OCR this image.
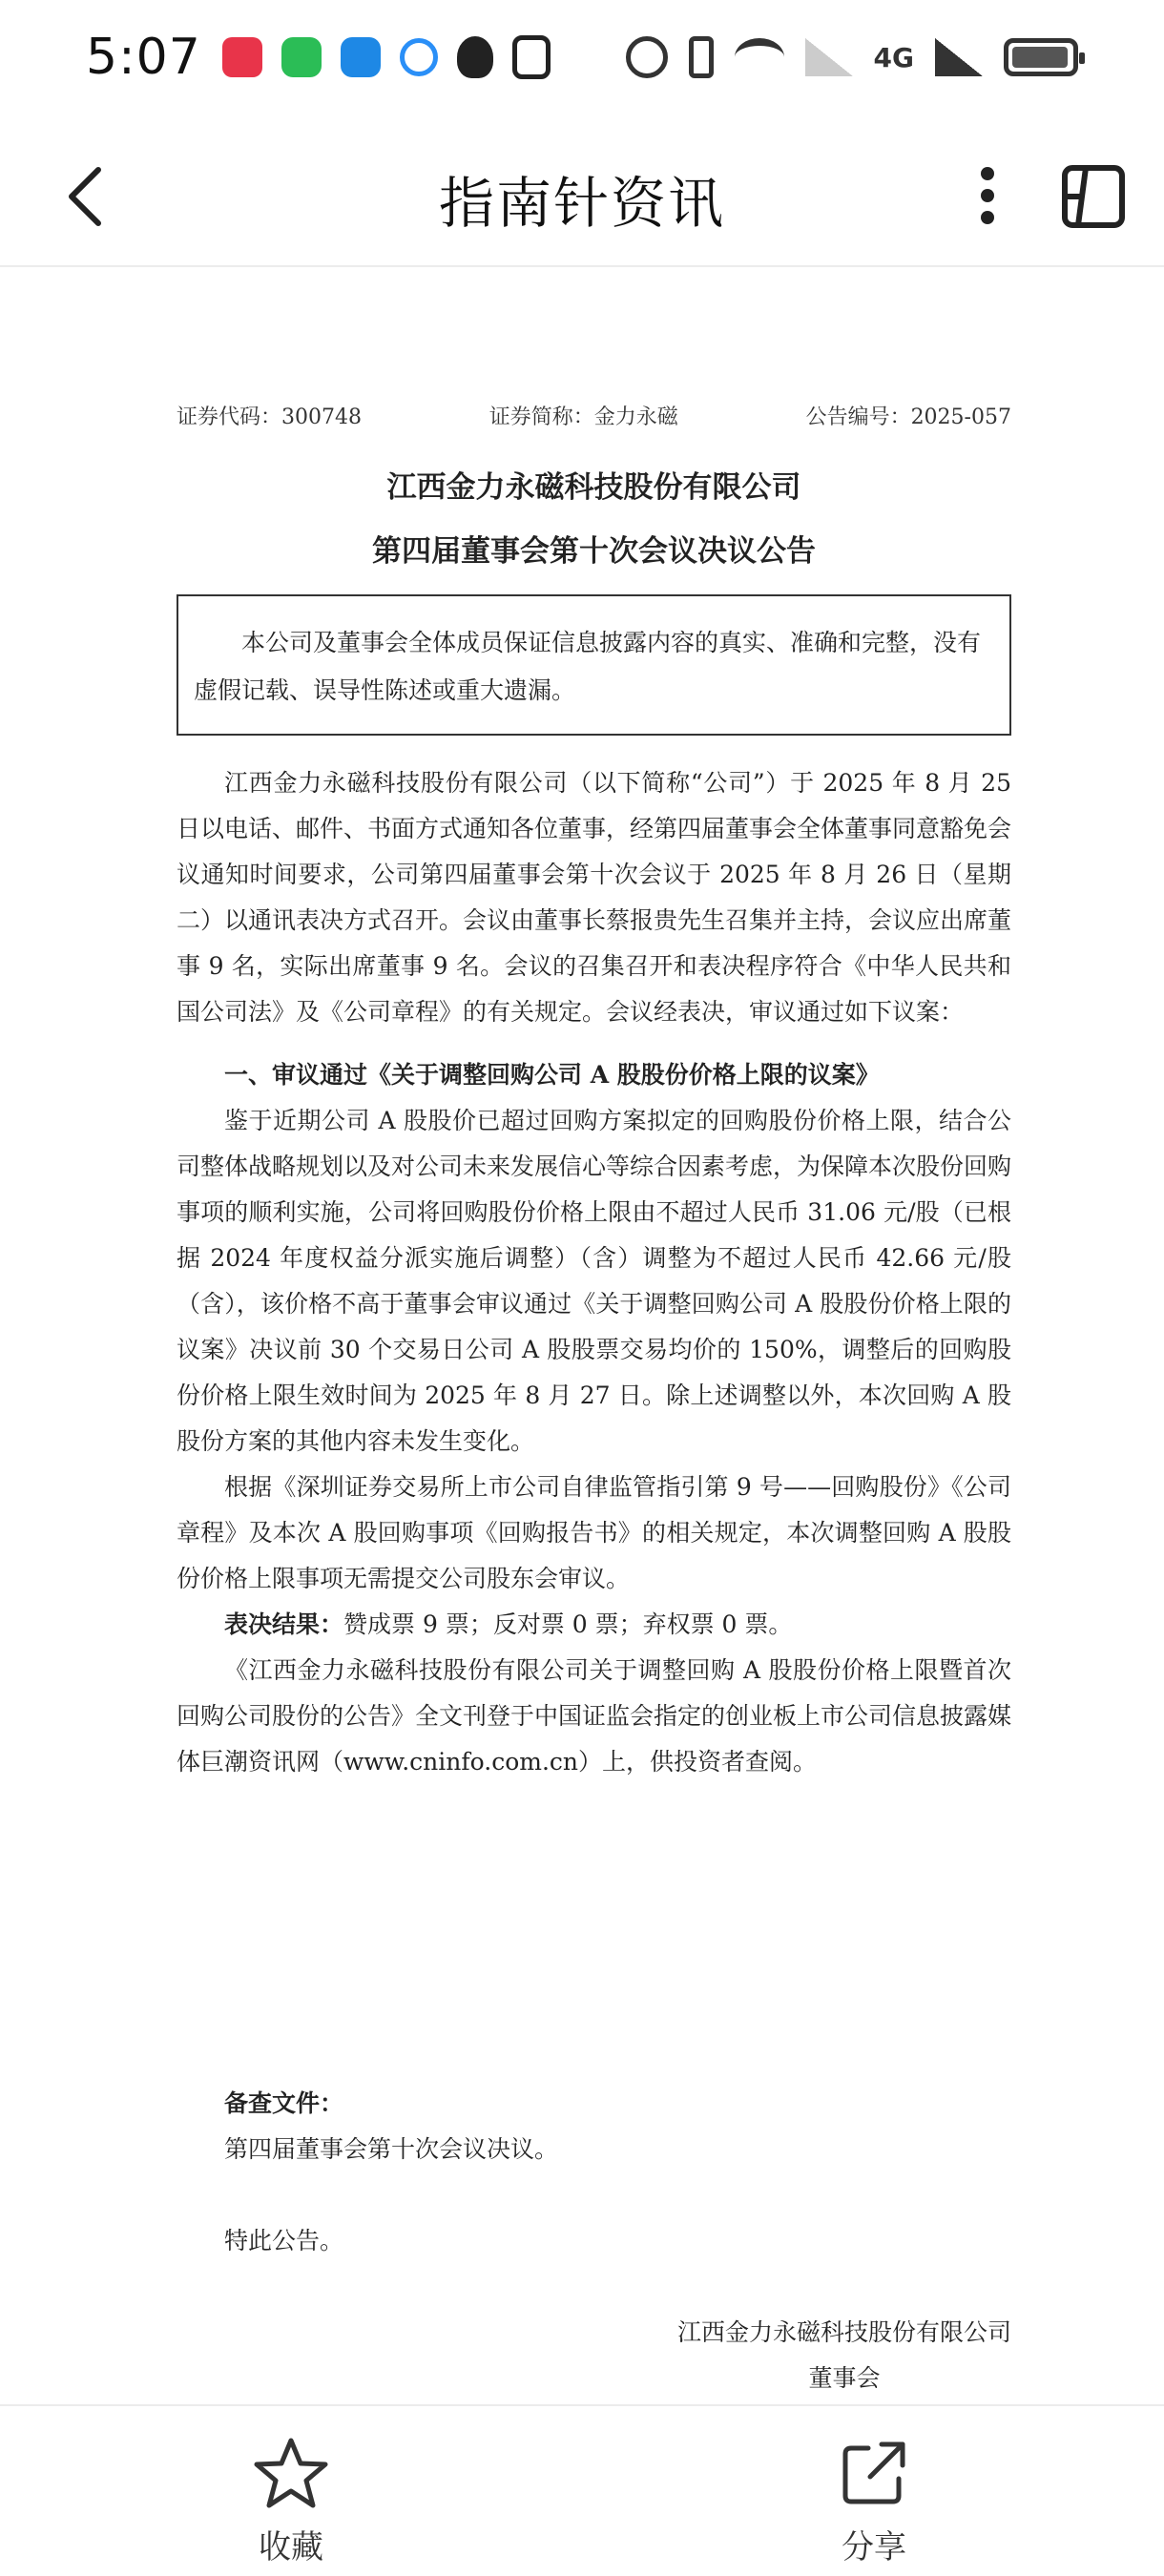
5:07	4G
指南针资讯
证券代码：300748	证券简称：金力永磁	公告编号：2025-057
江西金力永磁科技股份有限公司
第四届董事会第十次会议决议公告
本公司及董事会全体成员保证信息披露内容的真实、准确和完整，没有虚假记载、误导性陈述或重大遗漏。

江西金力永磁科技股份有限公司（以下简称“公司”）于 2025 年 8 月 25 日以电话、邮件、书面方式通知各位董事，经第四届董事会全体董事同意豁免会议通知时间要求，公司第四届董事会第十次会议于 2025 年 8 月 26 日（星期二）以通讯表决方式召开。会议由董事长蔡报贵先生召集并主持，会议应出席董事 9 名，实际出席董事 9 名。会议的召集召开和表决程序符合《中华人民共和国公司法》及《公司章程》的有关规定。会议经表决，审议通过如下议案：

一、审议通过《关于调整回购公司 A 股股份价格上限的议案》

鉴于近期公司 A 股股价已超过回购方案拟定的回购股份价格上限，结合公司整体战略规划以及对公司未来发展信心等综合因素考虑，为保障本次股份回购事项的顺利实施，公司将回购股份价格上限由不超过人民币 31.06 元/股（已根据 2024 年度权益分派实施后调整）（含）调整为不超过人民币 42.66 元/股（含），该价格不高于董事会审议通过《关于调整回购公司 A 股股份价格上限的议案》决议前 30 个交易日公司 A 股股票交易均价的 150%，调整后的回购股份价格上限生效时间为 2025 年 8 月 27 日。除上述调整以外，本次回购 A 股股份方案的其他内容未发生变化。

根据《深圳证券交易所上市公司自律监管指引第 9 号——回购股份》《公司章程》及本次 A 股回购事项《回购报告书》的相关规定，本次调整回购 A 股股份价格上限事项无需提交公司股东会审议。

表决结果：赞成票 9 票；反对票 0 票；弃权票 0 票。

《江西金力永磁科技股份有限公司关于调整回购 A 股股份价格上限暨首次回购公司股份的公告》全文刊登于中国证监会指定的创业板上市公司信息披露媒体巨潮资讯网（www.cninfo.com.cn）上，供投资者查阅。

备查文件：
第四届董事会第十次会议决议。
特此公告。
江西金力永磁科技股份有限公司
董事会
收藏	分享
